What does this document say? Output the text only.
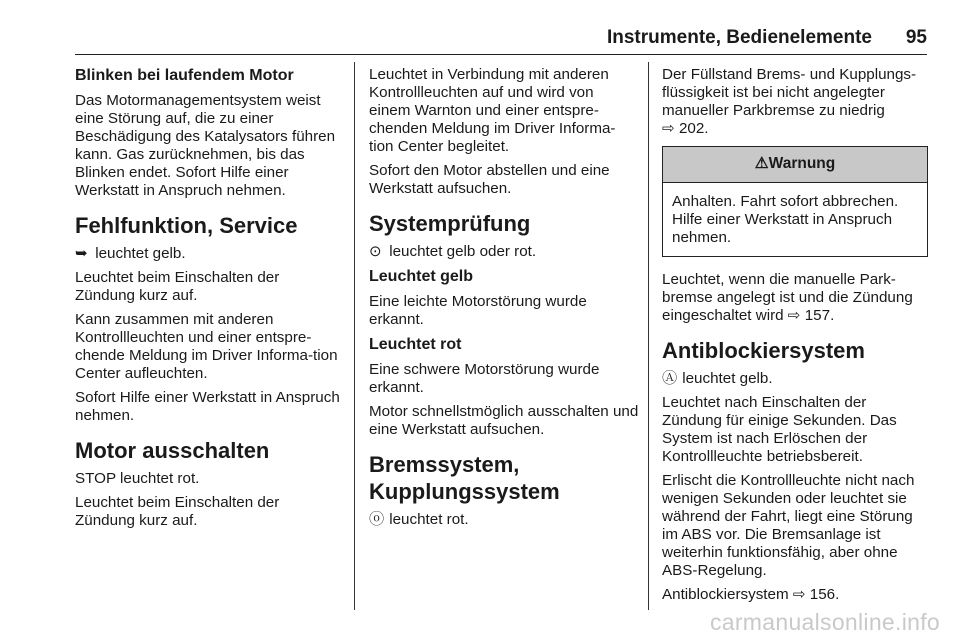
Instrumente, Bedienelemente 95

Blinken bei laufendem Motor

Das Motormanagementsystem weist eine Störung auf, die zu einer Beschädigung des Katalysators führen kann. Gas zurücknehmen, bis das Blinken endet. Sofort Hilfe einer Werkstatt in Anspruch nehmen.

Fehlfunktion, Service

➥ leuchtet gelb.

Leuchtet beim Einschalten der Zündung kurz auf.

Kann zusammen mit anderen Kontrollleuchten und einer entspre-chende Meldung im Driver Informa-tion Center aufleuchten.

Sofort Hilfe einer Werkstatt in Anspruch nehmen.

Motor ausschalten

STOP leuchtet rot.

Leuchtet beim Einschalten der Zündung kurz auf.

Leuchtet in Verbindung mit anderen Kontrollleuchten auf und wird von einem Warnton und einer entspre-chenden Meldung im Driver Informa-tion Center begleitet.

Sofort den Motor abstellen und eine Werkstatt aufsuchen.

Systemprüfung

⊙ leuchtet gelb oder rot.

Leuchtet gelb

Eine leichte Motorstörung wurde erkannt.

Leuchtet rot

Eine schwere Motorstörung wurde erkannt.

Motor schnellstmöglich ausschalten und eine Werkstatt aufsuchen.

Bremssystem,
Kupplungssystem

ⓞ leuchtet rot.

Der Füllstand Brems- und Kupplungs-flüssigkeit ist bei nicht angelegter manueller Parkbremse zu niedrig
⇨ 202.

⚠Warnung
Anhalten. Fahrt sofort abbrechen. Hilfe einer Werkstatt in Anspruch nehmen.

Leuchtet, wenn die manuelle Park-bremse angelegt ist und die Zündung eingeschaltet wird ⇨ 157.

Antiblockiersystem

Ⓐ leuchtet gelb.

Leuchtet nach Einschalten der Zündung für einige Sekunden. Das System ist nach Erlöschen der Kontrollleuchte betriebsbereit.

Erlischt die Kontrollleuchte nicht nach wenigen Sekunden oder leuchtet sie während der Fahrt, liegt eine Störung im ABS vor. Die Bremsanlage ist weiterhin funktionsfähig, aber ohne ABS-Regelung.

Antiblockiersystem ⇨ 156.

carmanualsonline.info
